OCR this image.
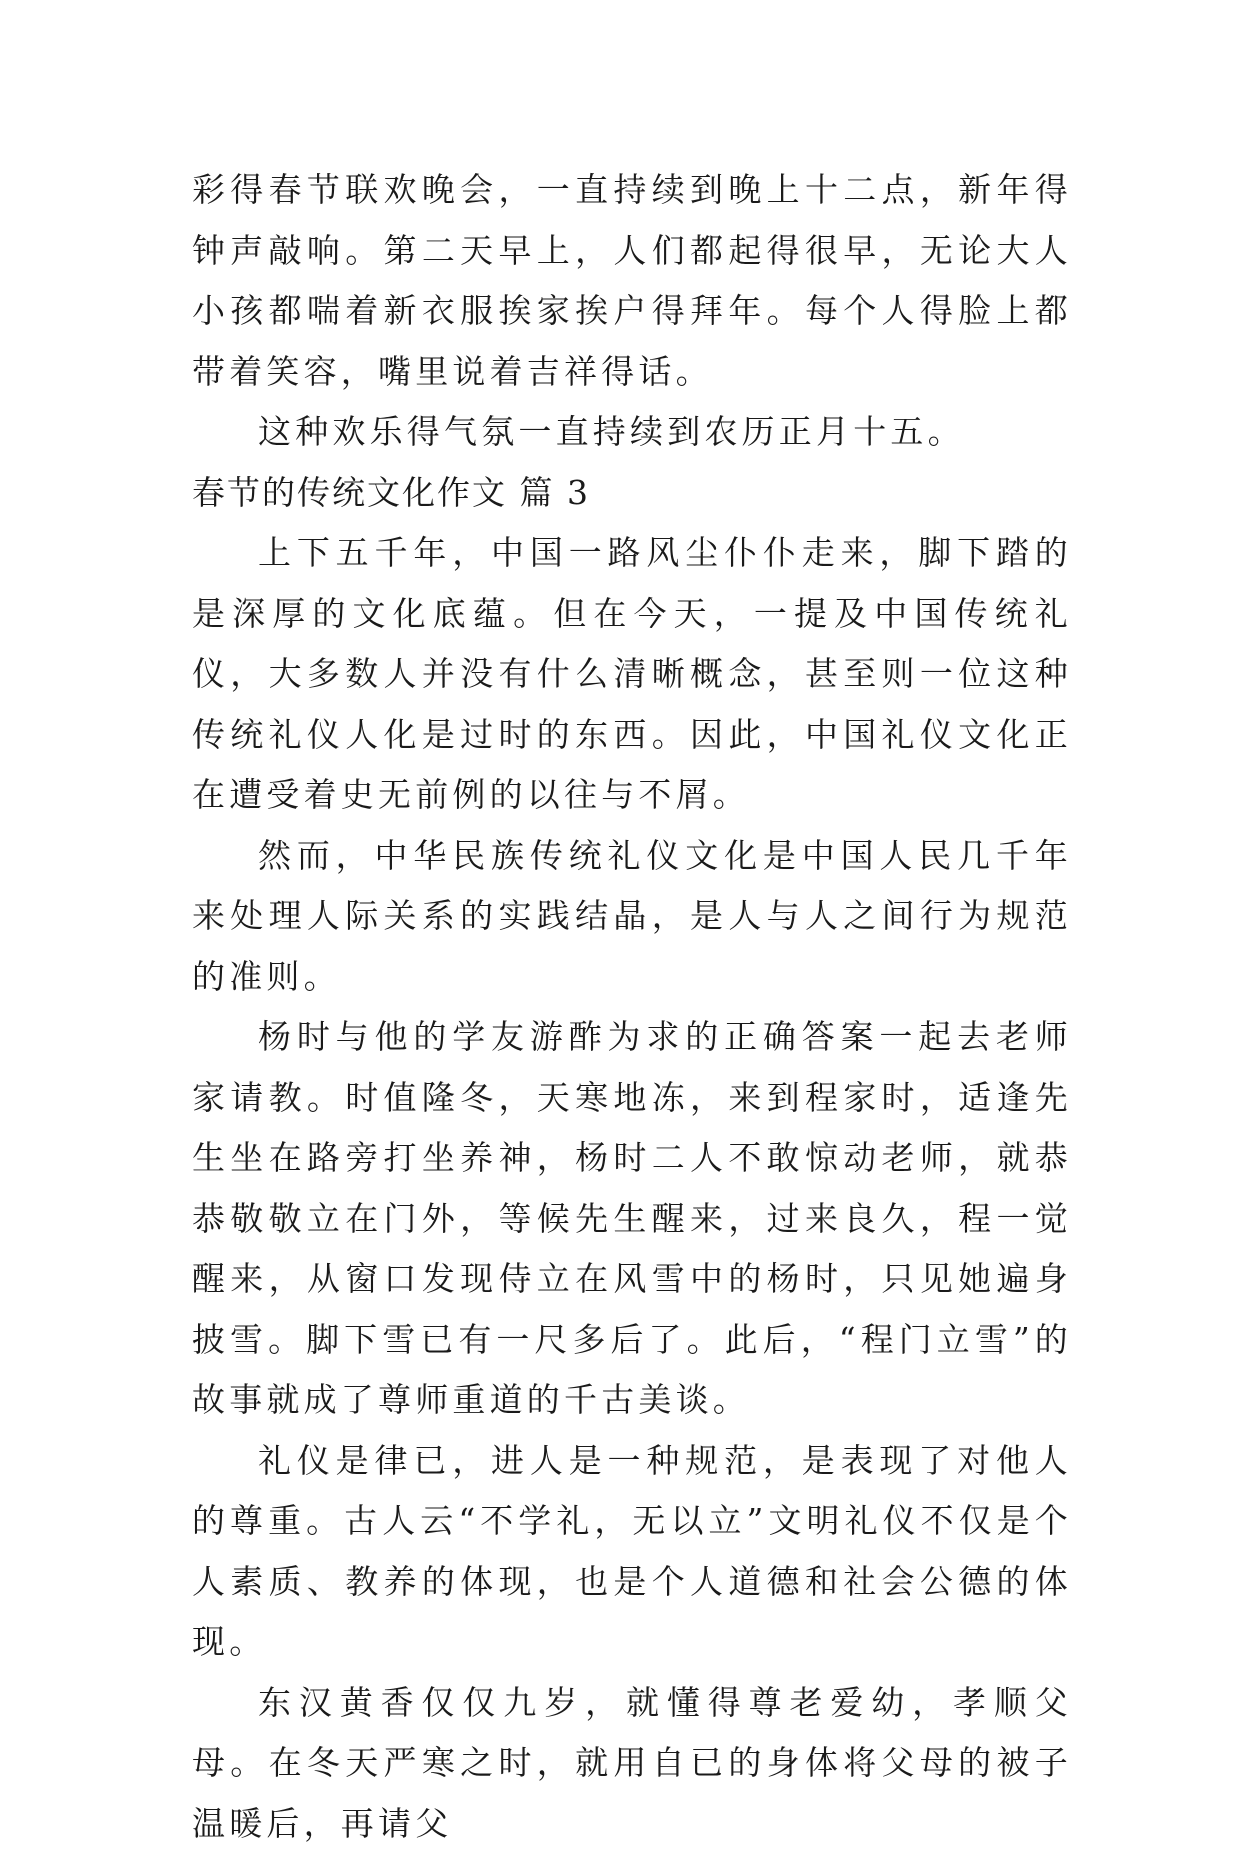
彩得春节联欢晚会，一直持续到晚上十二点，新年得钟声敲响。第二天早上，人们都起得很早，无论大人小孩都喘着新衣服挨家挨户得拜年。每个人得脸上都带着笑容，嘴里说着吉祥得话。

这种欢乐得气氛一直持续到农历正月十五。

春节的传统文化作文 篇 3

上下五千年，中国一路风尘仆仆走来，脚下踏的是深厚的文化底蕴。但在今天，一提及中国传统礼仪，大多数人并没有什么清晰概念，甚至则一位这种传统礼仪人化是过时的东西。因此，中国礼仪文化正在遭受着史无前例的以往与不屑。

然而，中华民族传统礼仪文化是中国人民几千年来处理人际关系的实践结晶，是人与人之间行为规范的准则。

杨时与他的学友游酢为求的正确答案一起去老师家请教。时值隆冬，天寒地冻，来到程家时，适逢先生坐在路旁打坐养神，杨时二人不敢惊动老师，就恭恭敬敬立在门外，等候先生醒来，过来良久，程一觉醒来，从窗口发现侍立在风雪中的杨时，只见她遍身披雪。脚下雪已有一尺多后了。此后，“程门立雪”的故事就成了尊师重道的千古美谈。

礼仪是律已，进人是一种规范，是表现了对他人的尊重。古人云“不学礼，无以立”文明礼仪不仅是个人素质、教养的体现，也是个人道德和社会公德的体现。

东汉黄香仅仅九岁，就懂得尊老爱幼，孝顺父母。在冬天严寒之时，就用自已的身体将父母的被子温暖后，再请父
